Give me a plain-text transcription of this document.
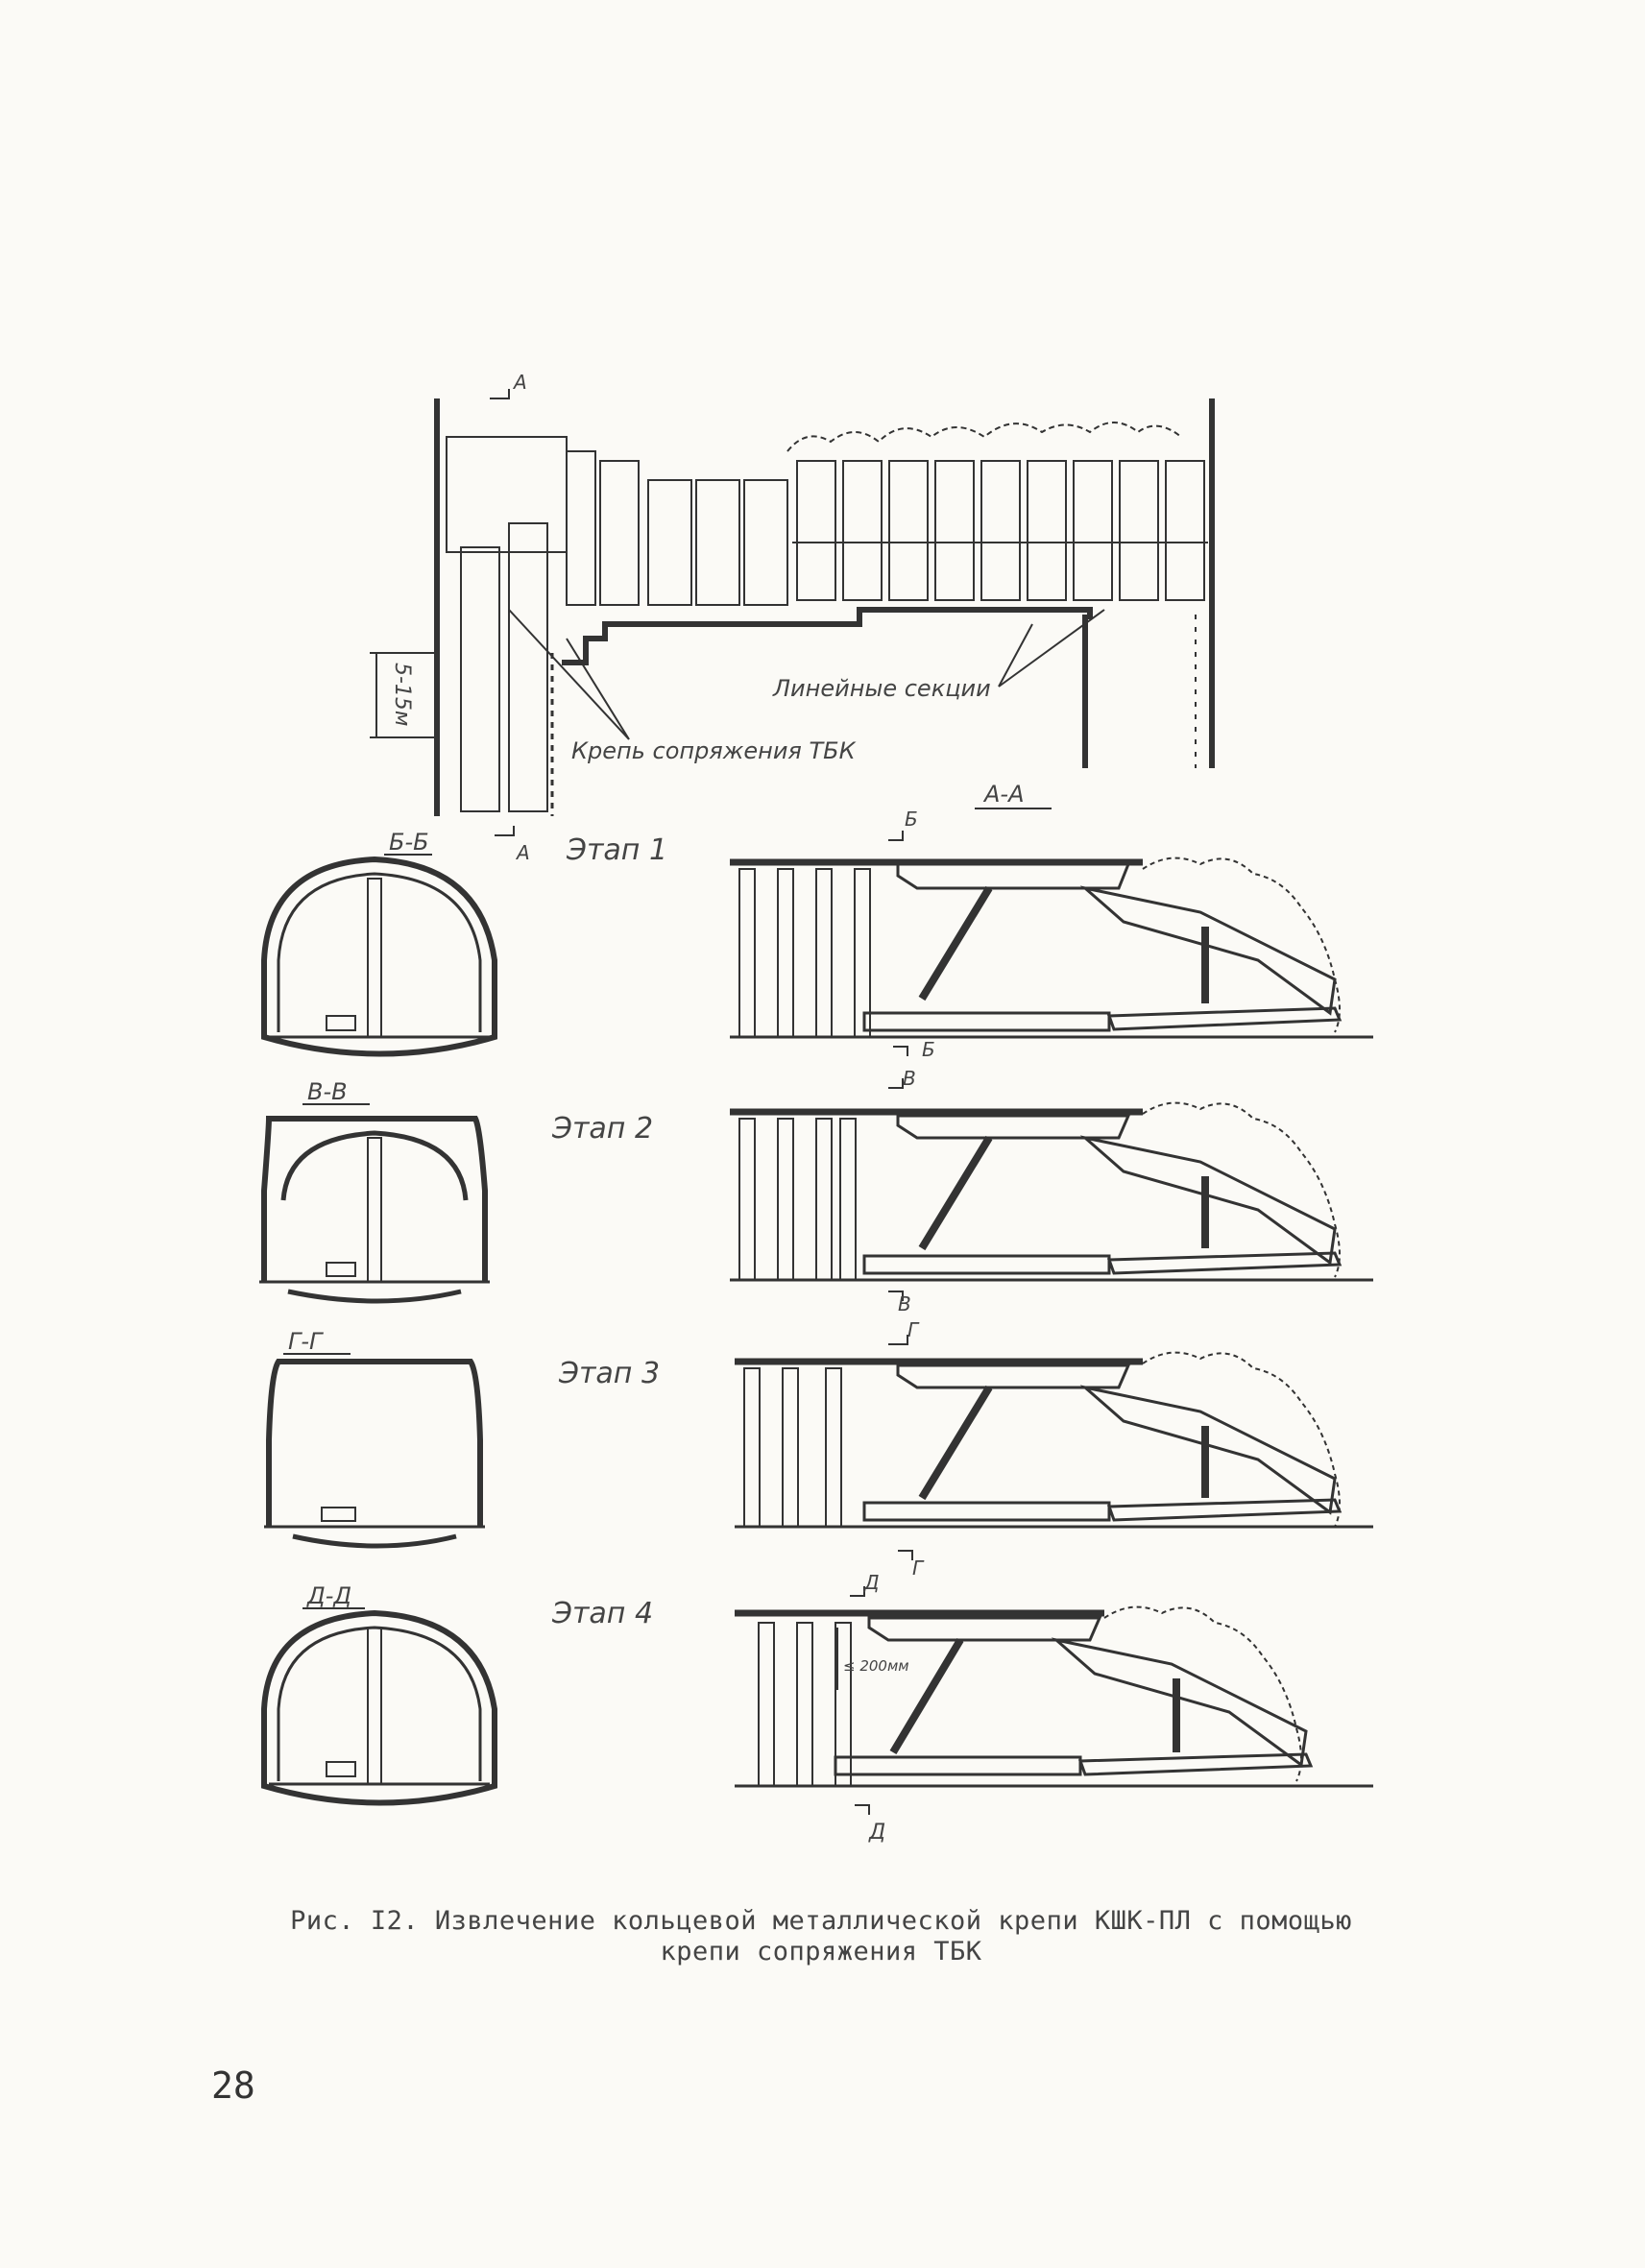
А
А
5-15м	Линейные секции
Крепь сопряжения ТБК
Б-Б
В-В
Г-Г
Д-Д
Этап 1
Этап 2
Этап 3
Этап 4
А-А
Б
Б
В
В
Г
Г
≤ 200мм
Д
Д
Рис. I2. Извлечение кольцевой металлической крепи КШК-ПЛ с помощью
крепи сопряжения ТБК
28
